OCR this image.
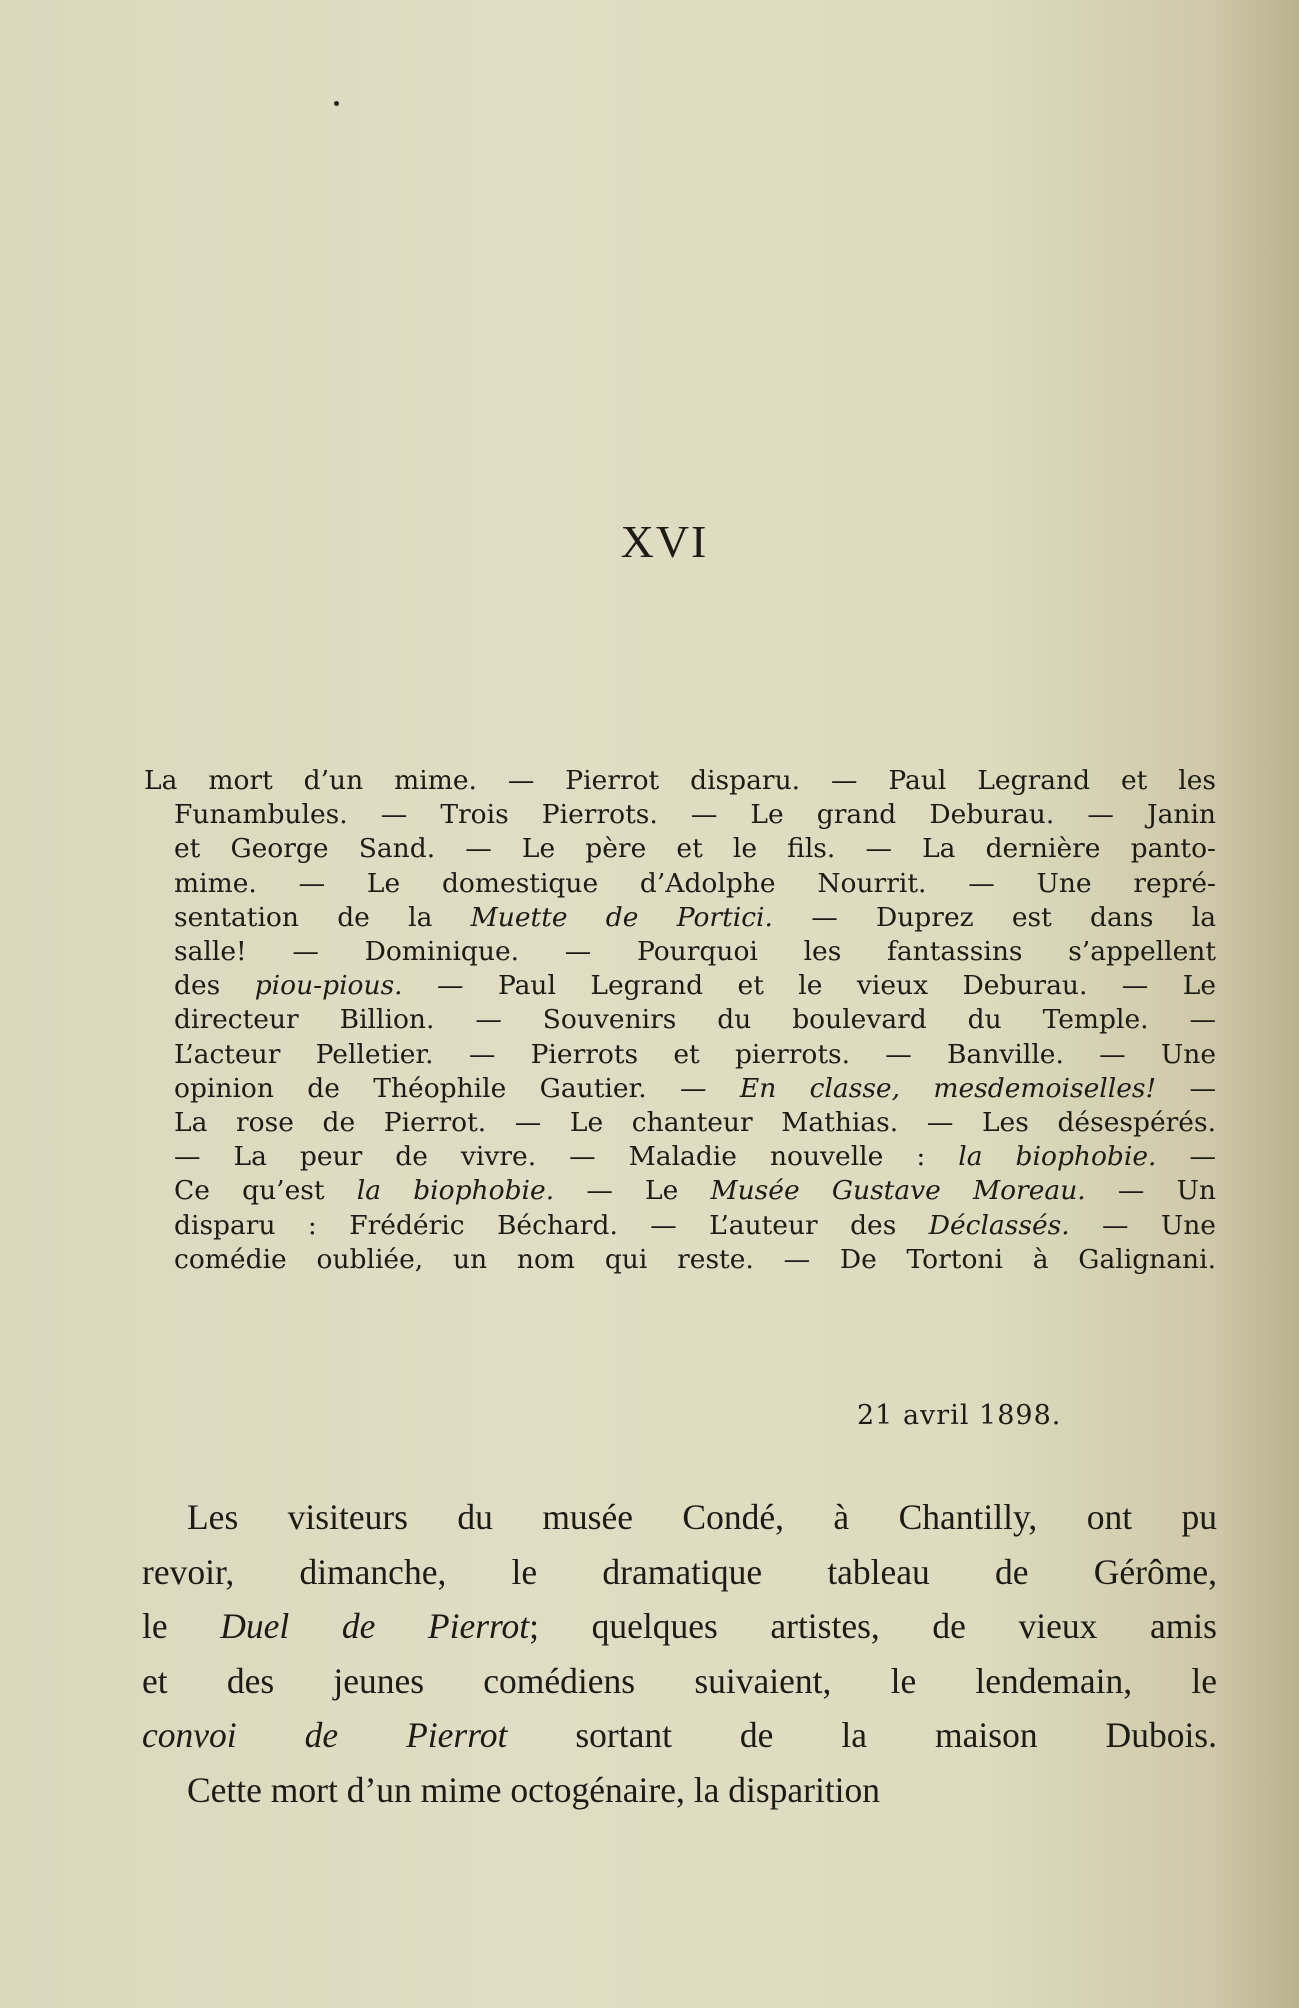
XVI
La mort d’un mime. — Pierrot disparu. — Paul Legrand et les
Funambules. — Trois Pierrots. — Le grand Deburau. — Janin
et George Sand. — Le père et le fils. — La dernière panto-
mime. — Le domestique d’Adolphe Nourrit. — Une repré-
sentation de la Muette de Portici. — Duprez est dans la
salle! — Dominique. — Pourquoi les fantassins s’appellent
des piou-pious. — Paul Legrand et le vieux Deburau. — Le
directeur Billion. — Souvenirs du boulevard du Temple. —
L’acteur Pelletier. — Pierrots et pierrots. — Banville. — Une
opinion de Théophile Gautier. — En classe, mesdemoiselles! —
La rose de Pierrot. — Le chanteur Mathias. — Les désespérés.
— La peur de vivre. — Maladie nouvelle : la biophobie. —
Ce qu’est la biophobie. — Le Musée Gustave Moreau. — Un
disparu : Frédéric Béchard. — L’auteur des Déclassés. — Une
comédie oubliée, un nom qui reste. — De Tortoni à Galignani.
21 avril 1898.
Les visiteurs du musée Condé, à Chantilly, ont pu
revoir, dimanche, le dramatique tableau de Gérôme,
le Duel de Pierrot; quelques artistes, de vieux amis
et des jeunes comédiens suivaient, le lendemain, le
convoi de Pierrot sortant de la maison Dubois.
Cette mort d’un mime octogénaire, la disparition
